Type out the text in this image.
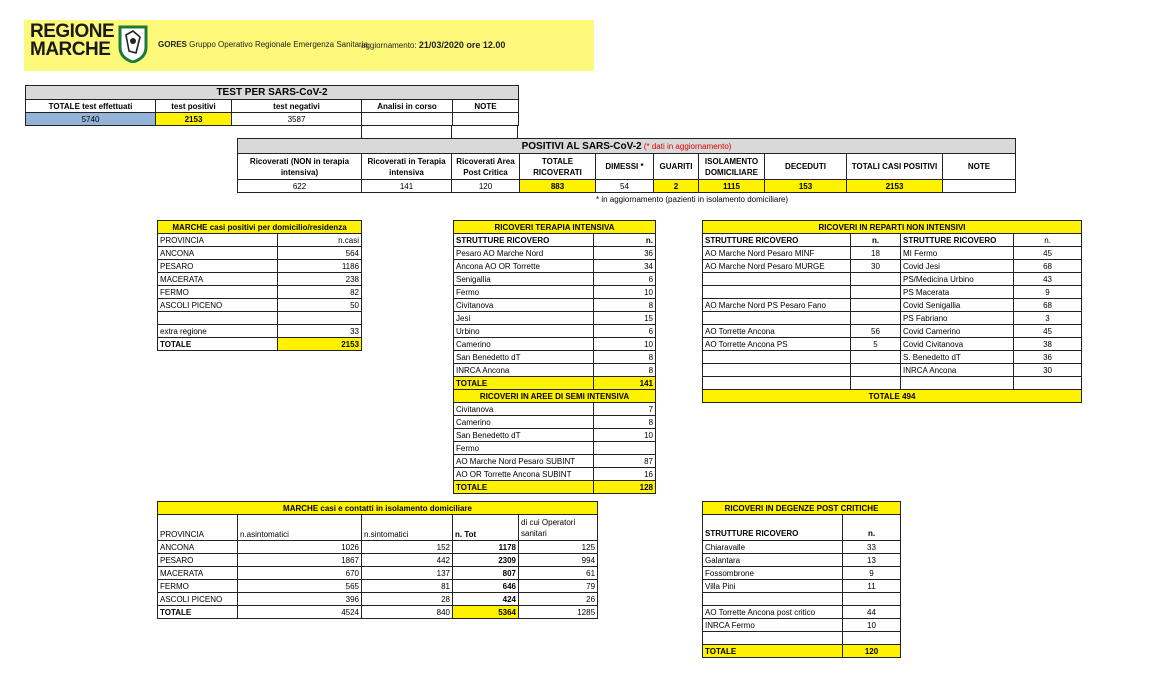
REGIONE
MARCHE	GORES Gruppo Operativo Regionale Emergenza Sanitaria
aggiornamento: 21/03/2020 ore 12.00
TEST PER SARS-CoV-2				
TOTALE test effettuati	test positivi	test negativi	Analisi in corso	NOTE
5740	2153	3587		
POSITIVI AL SARS-CoV-2 (* dati in aggiornamento)									
Ricoverati (NON in terapia intensiva)	Ricoverati in Terapia intensiva	Ricoverati Area Post Critica	TOTALE RICOVERATI	DIMESSI *	GUARITI	ISOLAMENTO DOMICILIARE	DECEDUTI	TOTALI CASI POSITIVI	NOTE
622	141	120	883	54	2	1115	153	2153	
* in aggiornamento (pazienti in isolamento domiciliare)
MARCHE casi positivi per domicilio/residenza	
PROVINCIA	n.casi
ANCONA	564
PESARO	1186
MACERATA	238
FERMO	82
ASCOLI PICENO	50

extra regione	33
TOTALE	2153
RICOVERI TERAPIA INTENSIVA	
STRUTTURE RICOVERO	n.
Pesaro AO Marche Nord	36
Ancona AO OR Torrette	34
Senigallia	6
Fermo	10
Civitanova	8
Jesi	15
Urbino	6
Camerino	10
San Benedetto dT	8
INRCA Ancona	8
TOTALE	141
RICOVERI IN AREE DI SEMI INTENSIVA	
Civitanova	7
Camerino	8
San Benedetto dT	10
Fermo	
AO Marche Nord Pesaro SUBINT	87
AO OR Torrette Ancona SUBINT	16
TOTALE	128
RICOVERI IN REPARTI NON INTENSIVI			
STRUTTURE RICOVERO	n.	STRUTTURE RICOVERO	n.
AO Marche Nord Pesaro MINF	18	MI Fermo	45
AO Marche Nord Pesaro MURGE	30	Covid Jesi	68
		PS/Medicina Urbino	43
		PS Macerata	9
AO Marche Nord PS Pesaro Fano		Covid Senigallia	68
		PS Fabriano	3
AO Torrette Ancona	56	Covid Camerino	45
AO Torrette Ancona PS	5	Covid Civitanova	38
		S. Benedetto dT	36
		INRCA Ancona	30

TOTALE 494			
MARCHE casi e contatti in isolamento domiciliare				
PROVINCIA	n.asintomatici	n.sintomatici	n. Tot	di cui Operatori sanitari
ANCONA	1026	152	1178	125
PESARO	1867	442	2309	994
MACERATA	670	137	807	61
FERMO	565	81	646	79
ASCOLI PICENO	396	28	424	26
TOTALE	4524	840	5364	1285
RICOVERI IN DEGENZE POST CRITICHE	

STRUTTURE RICOVERO	n.
Chiaravalle	33
Galantara	13
Fossombrone	9
Villa Pini	11

AO Torrette Ancona post critico	44
INRCA Fermo	10

TOTALE	120
